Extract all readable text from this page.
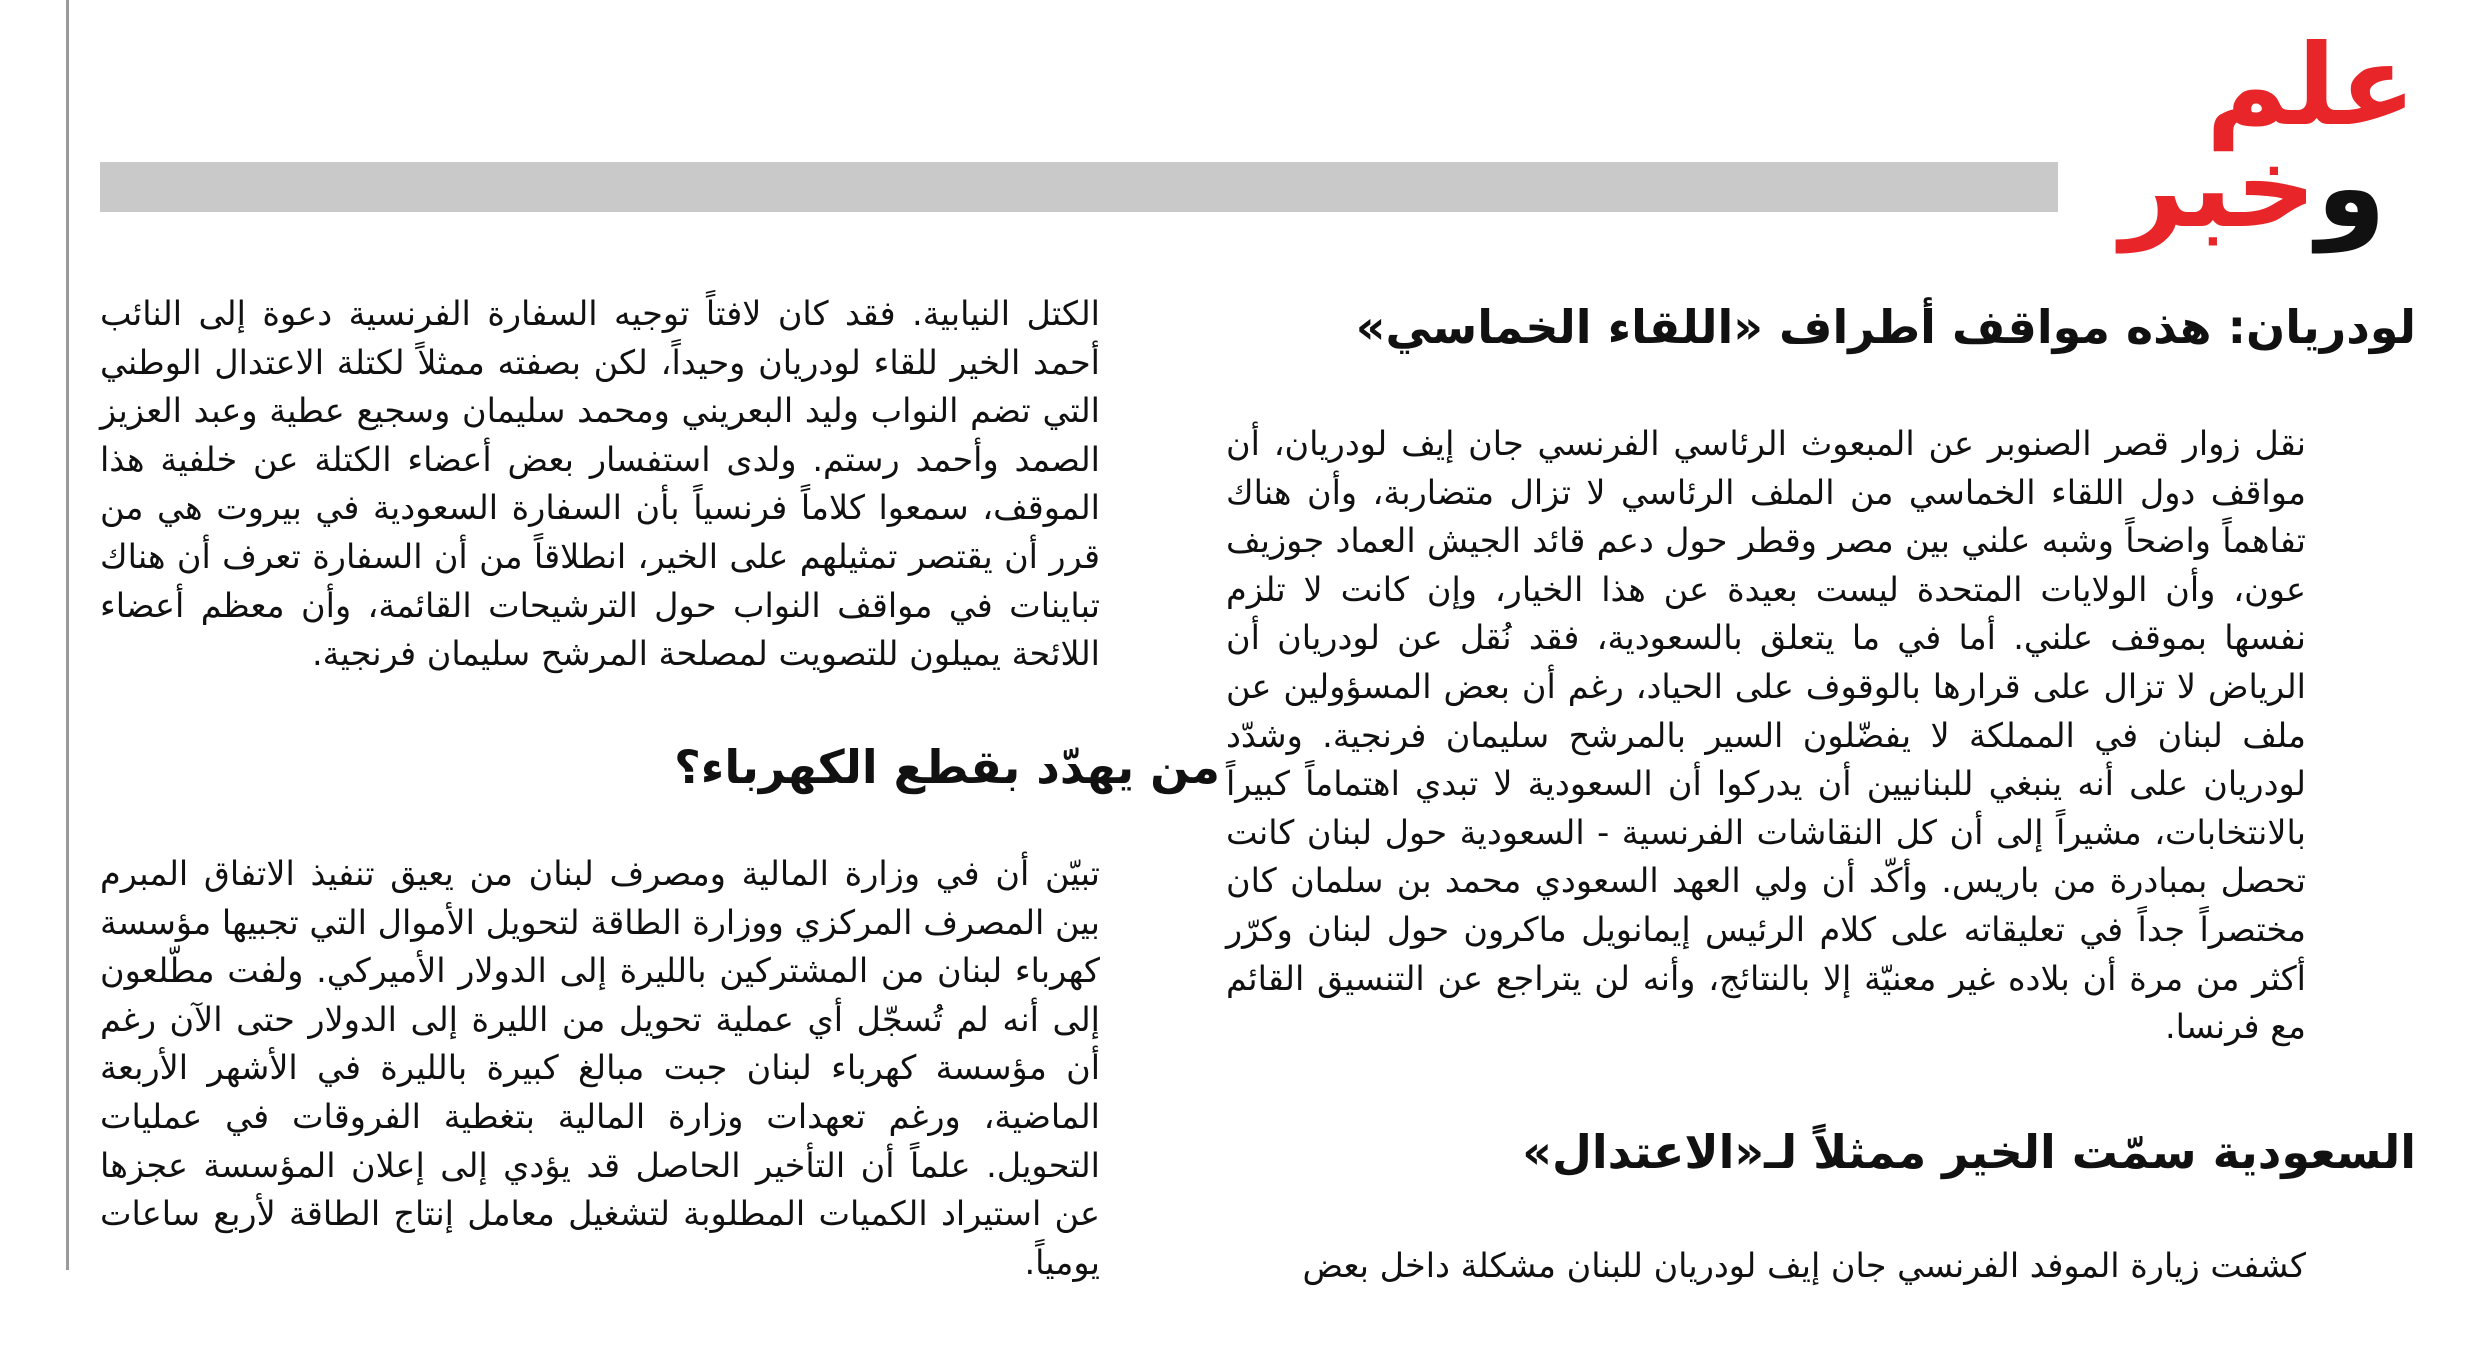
علم
وخبر
لودريان: هذه مواقف أطراف «اللقاء الخماسي»
نقل زوار قصر الصنوبر عن المبعوث الرئاسي الفرنسي جان إيف لودريان، أن مواقف دول اللقاء الخماسي من الملف الرئاسي لا تزال متضاربة، وأن هناك تفاهماً واضحاً وشبه علني بين مصر وقطر حول دعم قائد الجيش العماد جوزيف عون، وأن الولايات المتحدة ليست بعيدة عن هذا الخيار، وإن كانت لا تلزم نفسها بموقف علني. أما في ما يتعلق بالسعودية، فقد نُقل عن لودريان أن الرياض لا تزال على قرارها بالوقوف على الحياد، رغم أن بعض المسؤولين عن ملف لبنان في المملكة لا يفضّلون السير بالمرشح سليمان فرنجية. وشدّد لودريان على أنه ينبغي للبنانيين أن يدركوا أن السعودية لا تبدي اهتماماً كبيراً بالانتخابات، مشيراً إلى أن كل النقاشات الفرنسية - السعودية حول لبنان كانت تحصل بمبادرة من باريس. وأكّد أن ولي العهد السعودي محمد بن سلمان كان مختصراً جداً في تعليقاته على كلام الرئيس إيمانويل ماكرون حول لبنان وكرّر أكثر من مرة أن بلاده غير معنيّة إلا بالنتائج، وأنه لن يتراجع عن التنسيق القائم مع فرنسا.
السعودية سمّت الخير ممثلاً لـ«الاعتدال»
كشفت زيارة الموفد الفرنسي جان إيف لودريان للبنان مشكلة داخل بعض
الكتل النيابية. فقد كان لافتاً توجيه السفارة الفرنسية دعوة إلى النائب أحمد الخير للقاء لودريان وحيداً، لكن بصفته ممثلاً لكتلة الاعتدال الوطني التي تضم النواب وليد البعريني ومحمد سليمان وسجيع عطية وعبد العزيز الصمد وأحمد رستم. ولدى استفسار بعض أعضاء الكتلة عن خلفية هذا الموقف، سمعوا كلاماً فرنسياً بأن السفارة السعودية في بيروت هي من قرر أن يقتصر تمثيلهم على الخير، انطلاقاً من أن السفارة تعرف أن هناك تباينات في مواقف النواب حول الترشيحات القائمة، وأن معظم أعضاء اللائحة يميلون للتصويت لمصلحة المرشح سليمان فرنجية.
من يهدّد بقطع الكهرباء؟
تبيّن أن في وزارة المالية ومصرف لبنان من يعيق تنفيذ الاتفاق المبرم بين المصرف المركزي ووزارة الطاقة لتحويل الأموال التي تجبيها مؤسسة كهرباء لبنان من المشتركين بالليرة إلى الدولار الأميركي. ولفت مطّلعون إلى أنه لم تُسجّل أي عملية تحويل من الليرة إلى الدولار حتى الآن رغم أن مؤسسة كهرباء لبنان جبت مبالغ كبيرة بالليرة في الأشهر الأربعة الماضية، ورغم تعهدات وزارة المالية بتغطية الفروقات في عمليات التحويل. علماً أن التأخير الحاصل قد يؤدي إلى إعلان المؤسسة عجزها عن استيراد الكميات المطلوبة لتشغيل معامل إنتاج الطاقة لأربع ساعات يومياً.
